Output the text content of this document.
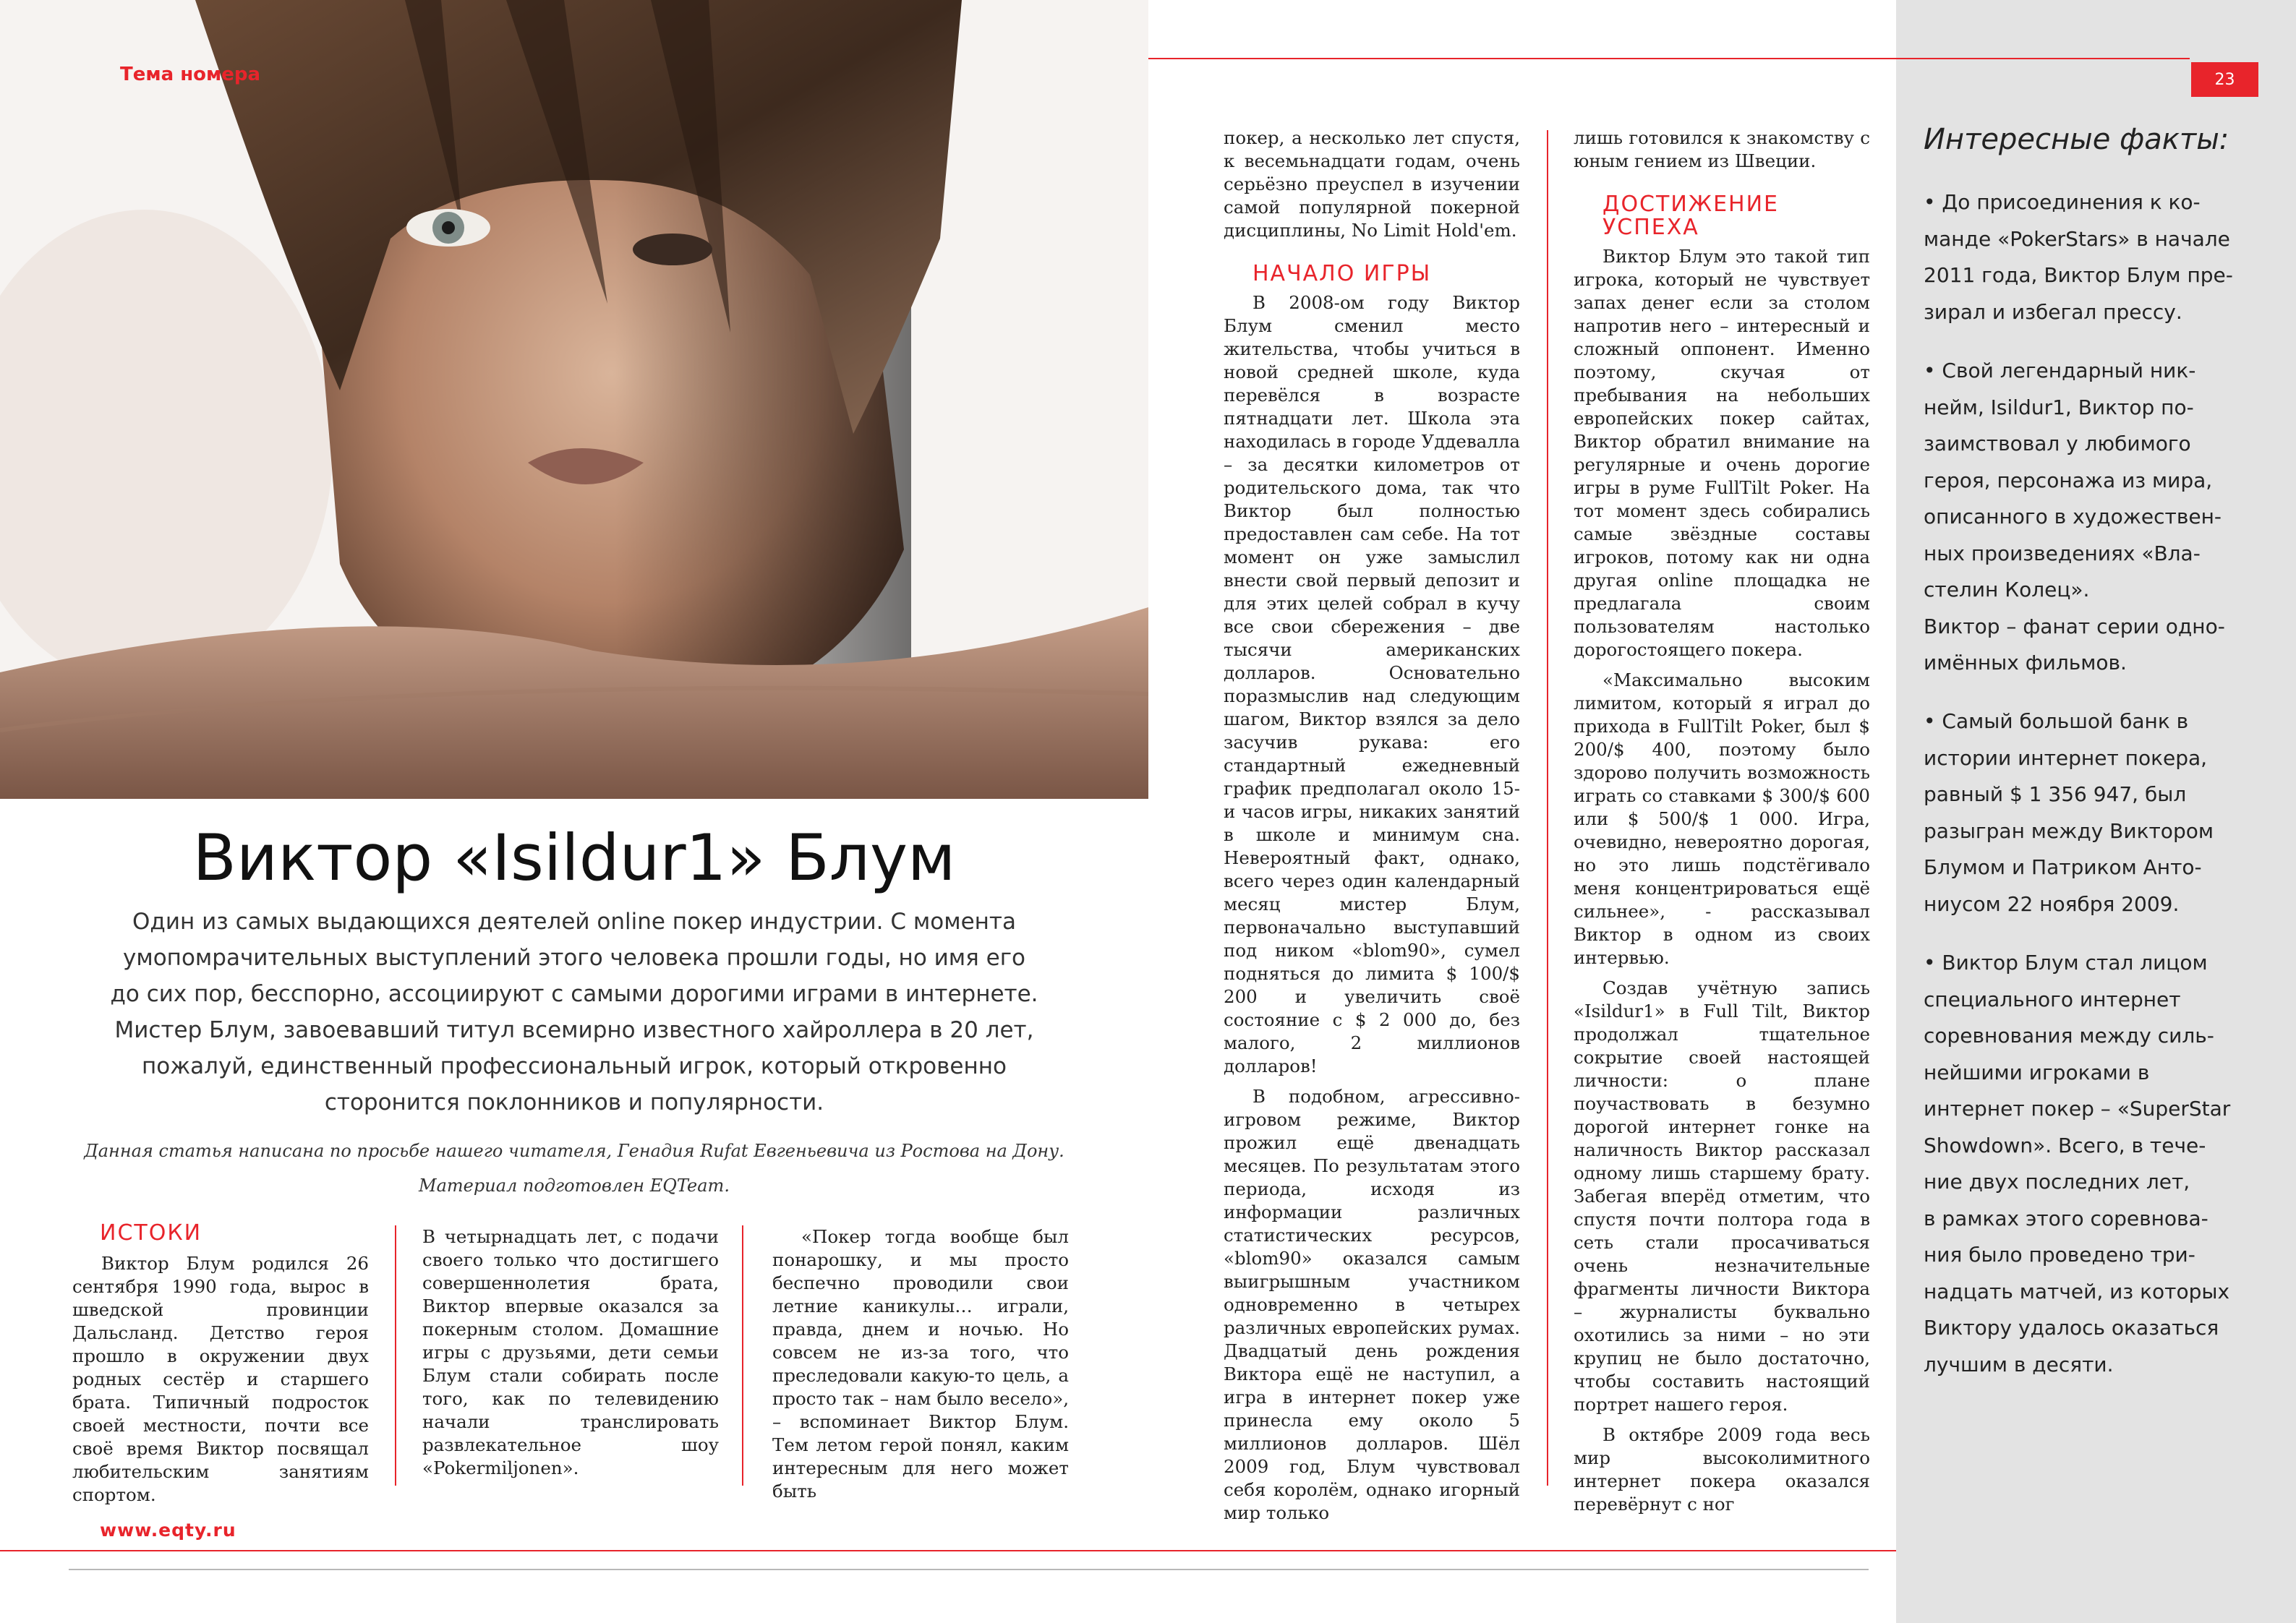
Тема номера	23
Виктор «Isildur1» Блум
Один из самых выдающихся деятелей online покер индустрии. С момента
умопомрачительных выступлений этого человека прошли годы, но имя его
до сих пор, бесспорно, ассоциируют с самыми дорогими играми в интернете.
Мистер Блум, завоевавший титул всемирно известного хайроллера в 20 лет,
пожалуй, единственный профессиональный игрок, который откровенно
сторонится поклонников и популярности.
Данная статья написана по просьбе нашего читателя, Генадия Rufat Евгеньевича из Ростова на Дону.
Материал подготовлен EQTeam.
ИСТОКИ

Виктор Блум родился 26 сентября 1990 года, вырос в шведской провинции Дальсланд. Детство героя прошло в окружении двух родных сестёр и старшего брата. Типичный подросток своей местности, почти все своё время Виктор посвящал любительским занятиям спортом.

В четырнадцать лет, с подачи своего только что достигшего совершеннолетия брата, Виктор впервые оказался за покерным столом. Домашние игры с друзьями, дети семьи Блум стали собирать после того, как по телевидению начали транслировать развлекательное шоу «Pokermiljonen».

«Покер тогда вообще был понарошку, и мы просто беспечно проводили свои летние каникулы… играли, правда, днем и ночью. Но совсем не из-за того, что преследовали какую-то цель, а просто так – нам было весело», – вспоминает Виктор Блум. Тем летом герой понял, каким интересным для него может быть

покер, а несколько лет спустя, к весемьнадцати годам, очень серьёзно преуспел в изучении самой популярной покерной дисциплины, No Limit Hold'em.

НАЧАЛО ИГРЫ

В 2008-ом году Виктор Блум сменил место жительства, чтобы учиться в новой средней школе, куда перевёлся в возрасте пятнадцати лет. Школа эта находилась в городе Уддевалла – за десятки километров от родительского дома, так что Виктор был полностью предоставлен сам себе. На тот момент он уже замыслил внести свой первый депозит и для этих целей собрал в кучу все свои сбережения – две тысячи американских долларов. Основательно поразмыслив над следующим шагом, Виктор взялся за дело засучив рукава: его стандартный ежедневный график предполагал около 15-и часов игры, никаких занятий в школе и минимум сна. Невероятный факт, однако, всего через один календарный месяц мистер Блум, первоначально выступавший под ником «blom90», сумел подняться до лимита $ 100/$ 200 и увеличить своё состояние с $ 2 000 до, без малого, 2 миллионов долларов!

В подобном, агрессивно-игровом режиме, Виктор прожил ещё двенадцать месяцев. По результатам этого периода, исходя из информации различных статистических ресурсов, «blom90» оказался самым выигрышным участником одновременно в четырех различных европейских румах. Двадцатый день рождения Виктора ещё не наступил, а игра в интернет покер уже принесла ему около 5 миллионов долларов. Шёл 2009 год, Блум чувствовал себя королём, однако игорный мир только

лишь готовился к знакомству с юным гением из Швеции.

ДОСТИЖЕНИЕ УСПЕХА

Виктор Блум это такой тип игрока, который не чувствует запах денег если за столом напротив него – интересный и сложный оппонент. Именно поэтому, скучая от пребывания на небольших европейских покер сайтах, Виктор обратил внимание на регулярные и очень дорогие игры в руме FullTilt Poker. На тот момент здесь собирались самые звёздные составы игроков, потому как ни одна другая online площадка не предлагала своим пользователям настолько дорогостоящего покера.

«Максимально высоким лимитом, который я играл до прихода в FullTilt Poker, был $ 200/$ 400, поэтому было здорово получить возможность играть со ставками $ 300/$ 600 или $ 500/$ 1 000. Игра, очевидно, невероятно дорогая, но это лишь подстёгивало меня концентрироваться ещё сильнее», - рассказывал Виктор в одном из своих интервью.

Создав учётную запись «Isildur1» в Full Tilt, Виктор продолжал тщательное сокрытие своей настоящей личности: о плане поучаствовать в безумно дорогой интернет гонке на наличность Виктор рассказал одному лишь старшему брату. Забегая вперёд отметим, что спустя почти полтора года в сеть стали просачиваться очень незначительные фрагменты личности Виктора – журналисты буквально охотились за ними – но эти крупиц не было достаточно, чтобы составить настоящий портрет нашего героя.

В октябре 2009 года весь мир высоколимитного интернет покера оказался перевёрнут с ног

Интересные факты:

• До присоединения к ко-

манде «PokerStars» в начале

2011 года, Виктор Блум пре-

зирал и избегал прессу.

• Свой легендарный ник-

нейм, Isildur1, Виктор по-

заимствовал у любимого

героя, персонажа из мира,

описанного в художествен-

ных произведениях «Вла-

стелин Колец».

Виктор – фанат серии одно-

имённых фильмов.

• Самый большой банк в

истории интернет покера,

равный $ 1 356 947, был

разыгран между Виктором

Блумом и Патриком Анто-

ниусом 22 ноября 2009.

• Виктор Блум стал лицом

специального интернет

соревнования между силь-

нейшими игроками в

интернет покер – «SuperStar

Showdown». Всего, в тече-

ние двух последних лет,

в рамках этого соревнова-

ния было проведено три-

надцать матчей, из которых

Виктору удалось оказаться

лучшим в десяти.

www.eqty.ru
